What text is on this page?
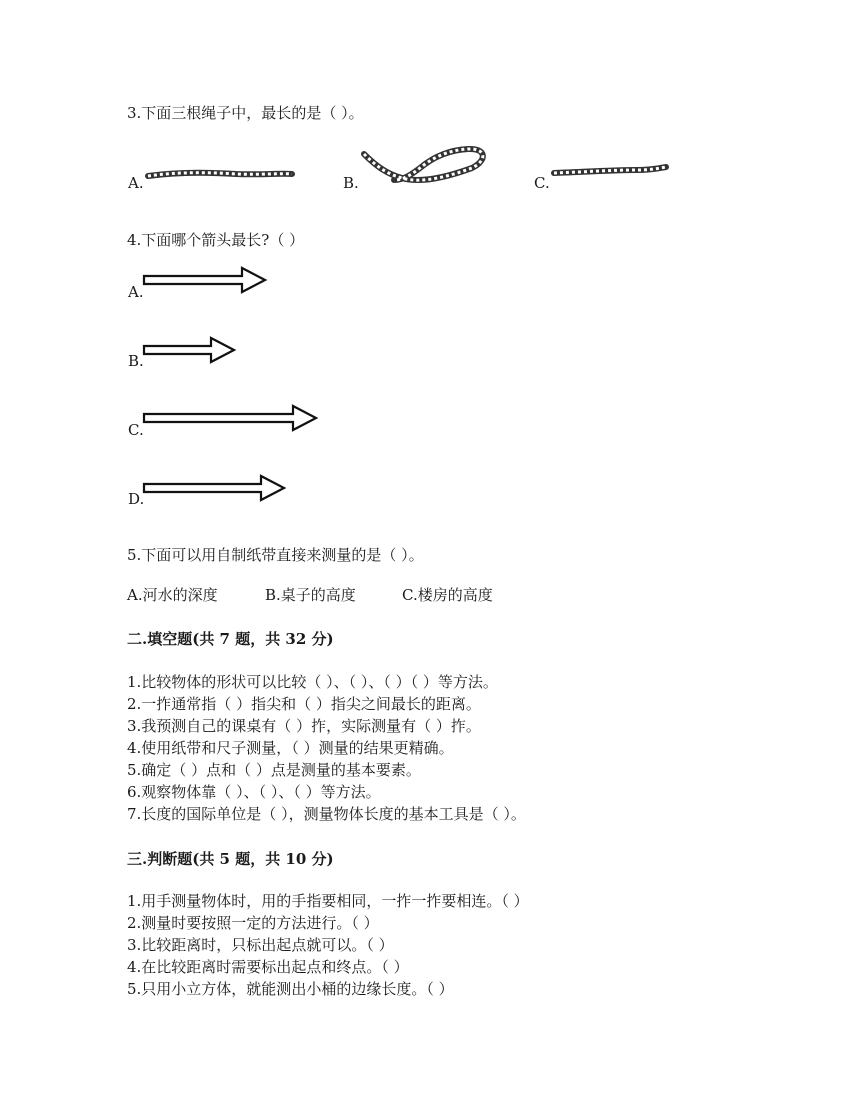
3.下面三根绳子中，最长的是（ ）。
A.	B.	C.
4.下面哪个箭头最长?（ ）
A.
B.
C.
D.
5.下面可以用自制纸带直接来测量的是（ ）。
A.河水的深度	B.桌子的高度	C.楼房的高度
二.填空题(共 7 题，共 32 分)
1.比较物体的形状可以比较（ ）、（ ）、（ ）（ ）等方法。
2.一拃通常指（ ）指尖和（ ）指尖之间最长的距离。
3.我预测自己的课桌有（ ）拃，实际测量有（ ）拃。
4.使用纸带和尺子测量，（ ）测量的结果更精确。
5.确定（ ）点和（ ）点是测量的基本要素。
6.观察物体靠（ ）、（ ）、（ ）等方法。
7.长度的国际单位是（ ），测量物体长度的基本工具是（ ）。
三.判断题(共 5 题，共 10 分)
1.用手测量物体时，用的手指要相同，一拃一拃要相连。（ ）
2.测量时要按照一定的方法进行。（ ）
3.比较距离时，只标出起点就可以。（ ）
4.在比较距离时需要标出起点和终点。（ ）
5.只用小立方体，就能测出小桶的边缘长度。（ ）
